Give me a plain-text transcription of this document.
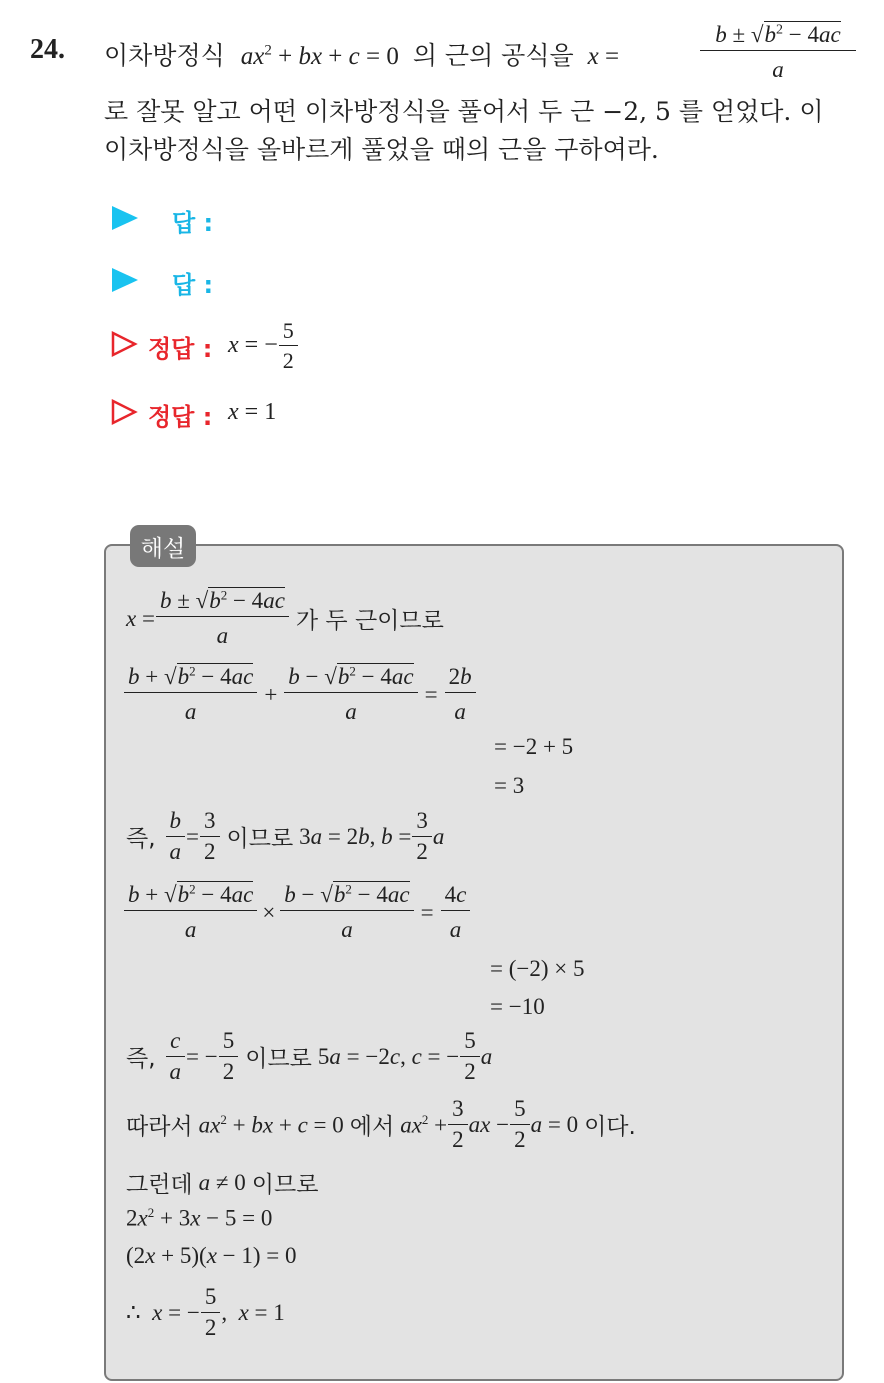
24. 이차방정식 $ax^2$ + bx + c = 0 의 근의 공식을 x =
$b \pm √b^2 - 4ac$
a
로 잘못 알고 어떤 이차방정식을 풀어서 두 근 −2, 5 를 얻었다. 이
이차방정식을 올바르게 풀었을 때의 근을 구하여라.
답 :
답 :
정답 : x = − $\frac{5}{2}$
정답 : x = 1
해설
$x = \frac{b \pm √b^2 - 4ac}{a}$ 가 두 근이므로
$\frac{b + √b^2 - 4ac}{a} + \frac{b - √b^2 - 4ac}{a} = \frac{2b}{a}$
= −2 + 5
= 3
즉, $\frac{b}{a} = \frac{3}{2}$ 이므로 3a = 2b, $b = \frac{3}{2}$ a
$\frac{b + √b^2 - 4ac}{a} \times \frac{b - √b^2 - 4ac}{a} = \frac{4c}{a}$
= (−2) × 5
= −10
즉, $\frac{c}{a}$ = − $\frac{5}{2}$ 이므로 5a = −2c, c = − $\frac{5}{2}$ a
따라서 $ax^2$ + bx + c = 0 에서 $ax^2 + \frac{3}{2}$ ax − $\frac{5}{2}$ a = 0 이다.
그런데 a ≠ 0 이므로
$2x^2 + 3x - 5 = 0$
(2x + 5)(x − 1) = 0
∴  x = − $\frac{5}{2}$ ,  x = 1
